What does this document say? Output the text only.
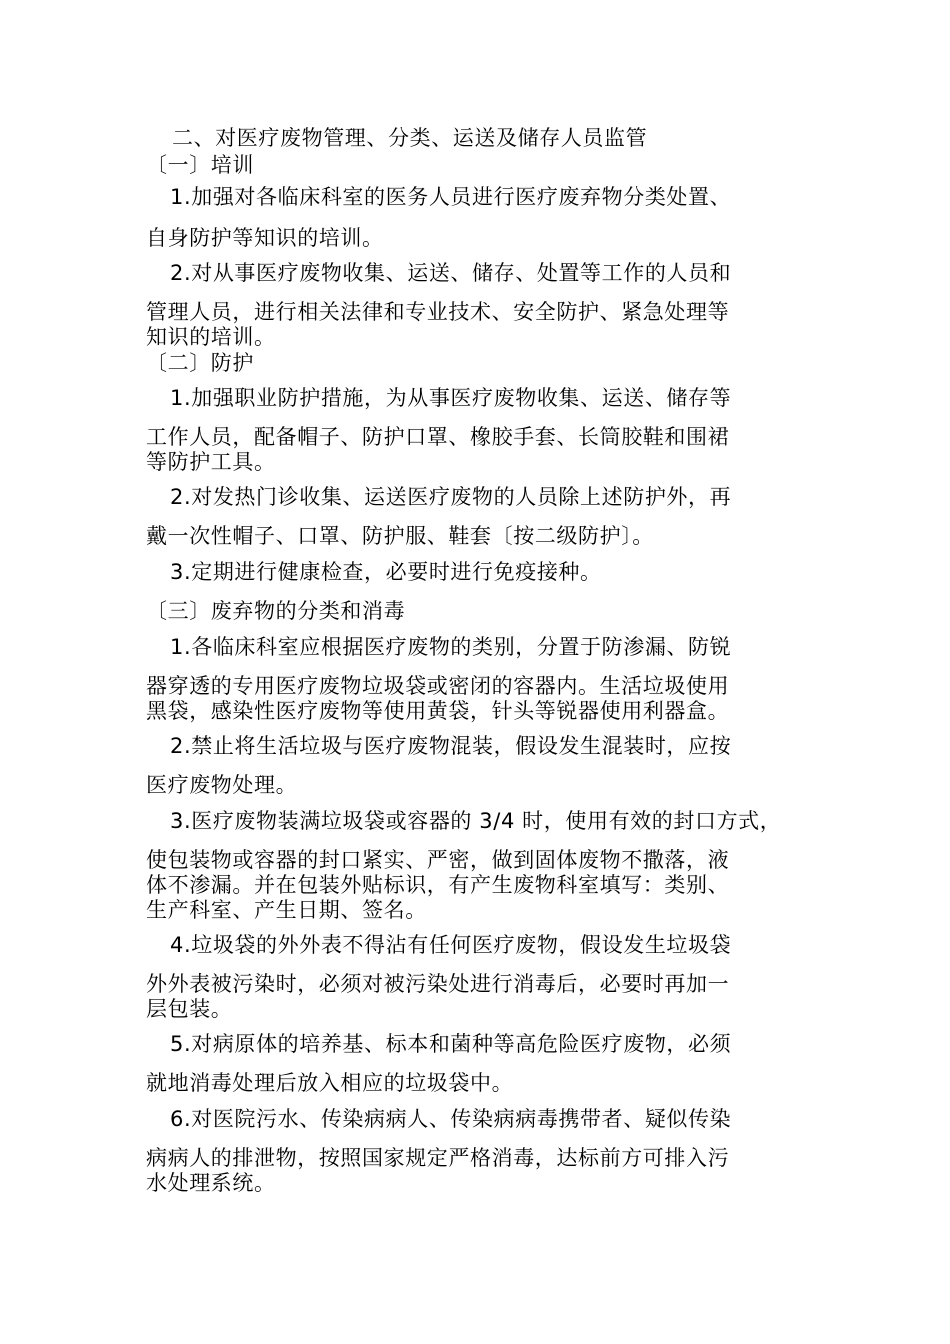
二、对医疗废物管理、分类、运送及储存人员监管
〔一〕培训
1.加强对各临床科室的医务人员进行医疗废弃物分类处置、
自身防护等知识的培训。
2.对从事医疗废物收集、运送、储存、处置等工作的人员和
管理人员，进行相关法律和专业技术、安全防护、紧急处理等
知识的培训。
〔二〕防护
1.加强职业防护措施，为从事医疗废物收集、运送、储存等
工作人员，配备帽子、防护口罩、橡胶手套、长筒胶鞋和围裙
等防护工具。
2.对发热门诊收集、运送医疗废物的人员除上述防护外，再
戴一次性帽子、口罩、防护服、鞋套〔按二级防护〕。
3.定期进行健康检查，必要时进行免疫接种。
〔三〕废弃物的分类和消毒
1.各临床科室应根据医疗废物的类别，分置于防渗漏、防锐
器穿透的专用医疗废物垃圾袋或密闭的容器内。生活垃圾使用
黑袋，感染性医疗废物等使用黄袋，针头等锐器使用利器盒。
2.禁止将生活垃圾与医疗废物混装，假设发生混装时，应按
医疗废物处理。
3.医疗废物装满垃圾袋或容器的 3/4 时，使用有效的封口方式，
使包装物或容器的封口紧实、严密，做到固体废物不撒落，液
体不渗漏。并在包装外贴标识，有产生废物科室填写：类别、
生产科室、产生日期、签名。
4.垃圾袋的外外表不得沾有任何医疗废物，假设发生垃圾袋
外外表被污染时，必须对被污染处进行消毒后，必要时再加一
层包装。
5.对病原体的培养基、标本和菌种等高危险医疗废物，必须
就地消毒处理后放入相应的垃圾袋中。
6.对医院污水、传染病病人、传染病病毒携带者、疑似传染
病病人的排泄物，按照国家规定严格消毒，达标前方可排入污
水处理系统。
